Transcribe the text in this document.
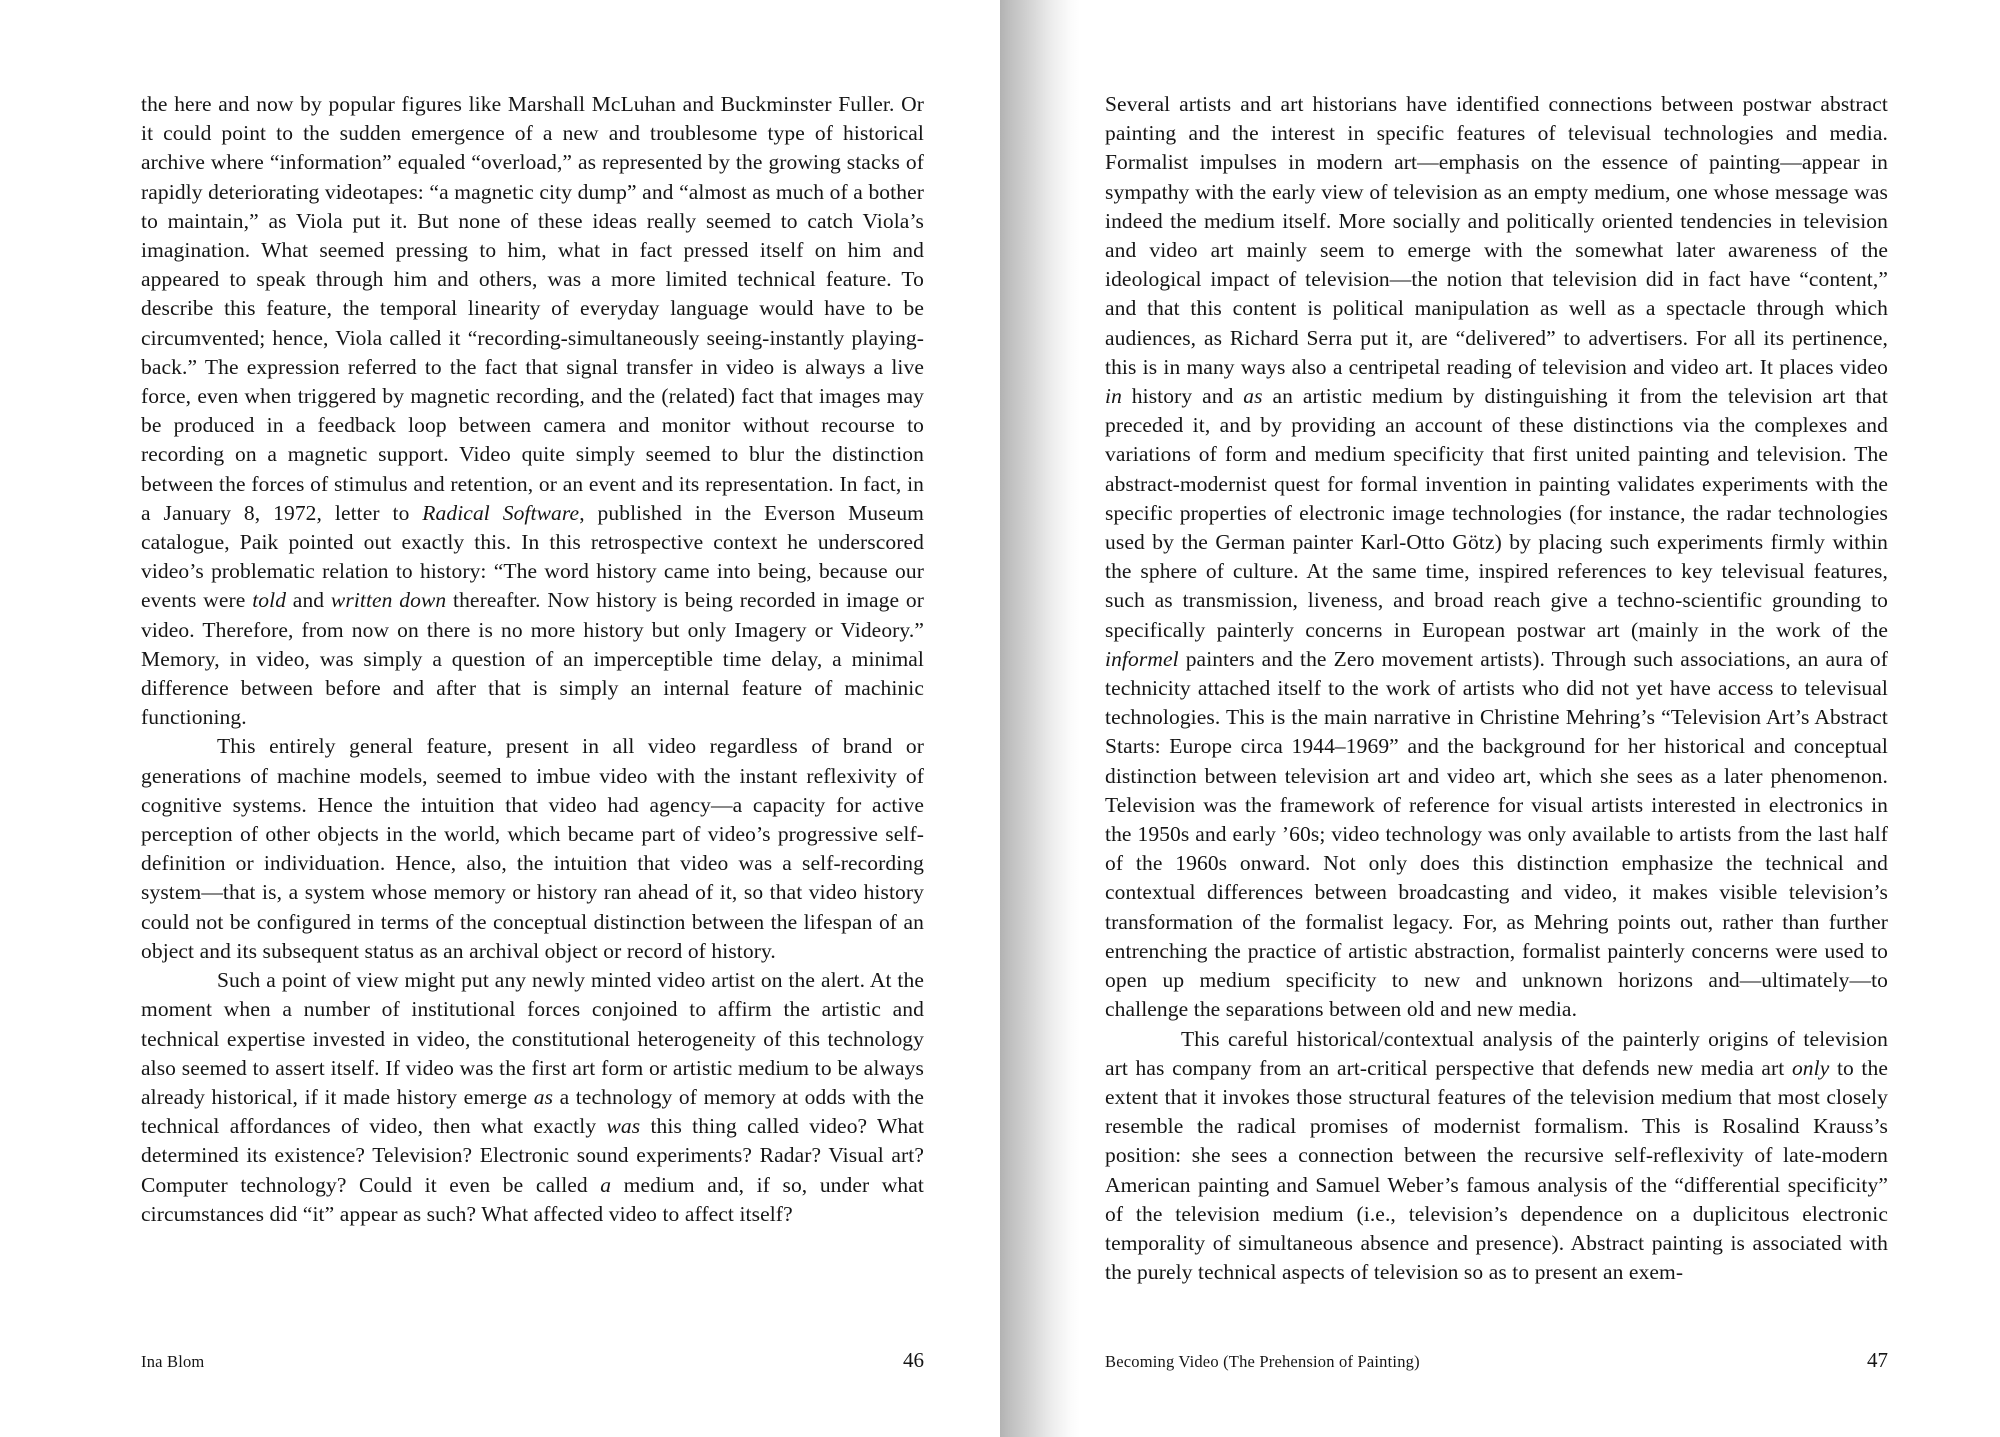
the here and now by popular figures like Marshall McLuhan and Buckminster Fuller. Or it could point to the sudden emergence of a new and troublesome type of historical archive where “information” equaled “overload,” as represented by the growing stacks of rapidly deteriorating videotapes: “a magnetic city dump” and “almost as much of a bother to maintain,” as Viola put it. But none of these ideas really seemed to catch Viola’s imagination. What seemed pressing to him, what in fact pressed itself on him and appeared to speak through him and others, was a more limited technical feature. To describe this feature, the temporal linearity of everyday language would have to be circumvented; hence, Viola called it “recording-simultaneously seeing-instantly playing-back.” The expression referred to the fact that signal transfer in video is always a live force, even when triggered by magnetic recording, and the (related) fact that images may be produced in a feedback loop between camera and monitor without recourse to recording on a magnetic support. Video quite simply seemed to blur the distinction between the forces of stimulus and retention, or an event and its representation. In fact, in a January 8, 1972, letter to Radical Software, published in the Everson Museum catalogue, Paik pointed out exactly this. In this retrospective context he underscored video’s problematic relation to history: “The word history came into being, because our events were told and written down thereafter. Now history is being recorded in image or video. Therefore, from now on there is no more history but only Imagery or Videory.” Memory, in video, was simply a question of an imperceptible time delay, a minimal difference between before and after that is simply an internal feature of machinic functioning.

This entirely general feature, present in all video regardless of brand or generations of machine models, seemed to imbue video with the instant reflexivity of cognitive systems. Hence the intuition that video had agency—a capacity for active perception of other objects in the world, which became part of video’s progressive self-definition or individuation. Hence, also, the intuition that video was a self-recording system—that is, a system whose memory or history ran ahead of it, so that video history could not be configured in terms of the conceptual distinction between the lifespan of an object and its subsequent status as an archival object or record of history.

Such a point of view might put any newly minted video artist on the alert. At the moment when a number of institutional forces conjoined to affirm the artistic and technical expertise invested in video, the constitutional heterogeneity of this technology also seemed to assert itself. If video was the first art form or artistic medium to be always already historical, if it made history emerge as a technology of memory at odds with the technical affordances of video, then what exactly was this thing called video? What determined its existence? Television? Electronic sound experiments? Radar? Visual art? Computer technology? Could it even be called a medium and, if so, under what circumstances did “it” appear as such? What affected video to affect itself?

Several artists and art historians have identified connections between postwar abstract painting and the interest in specific features of televisual technologies and media. Formalist impulses in modern art—emphasis on the essence of painting—appear in sympathy with the early view of television as an empty medium, one whose message was indeed the medium itself. More socially and politically oriented tendencies in television and video art mainly seem to emerge with the somewhat later awareness of the ideological impact of television—the notion that television did in fact have “content,” and that this content is political manipulation as well as a spectacle through which audiences, as Richard Serra put it, are “delivered” to advertisers. For all its pertinence, this is in many ways also a centripetal reading of television and video art. It places video in history and as an artistic medium by distinguishing it from the television art that preceded it, and by providing an account of these distinctions via the complexes and variations of form and medium specificity that first united painting and television. The abstract-modernist quest for formal invention in painting validates experiments with the specific properties of electronic image technologies (for instance, the radar technologies used by the German painter Karl-Otto Götz) by placing such experiments firmly within the sphere of culture. At the same time, inspired references to key televisual features, such as transmission, liveness, and broad reach give a techno-scientific grounding to specifically painterly concerns in European postwar art (mainly in the work of the informel painters and the Zero movement artists). Through such associations, an aura of technicity attached itself to the work of artists who did not yet have access to televisual technologies. This is the main narrative in Christine Mehring’s “Television Art’s Abstract Starts: Europe circa 1944–1969” and the background for her historical and conceptual distinction between television art and video art, which she sees as a later phenomenon. Television was the framework of reference for visual artists interested in electronics in the 1950s and early ’60s; video technology was only available to artists from the last half of the 1960s onward. Not only does this distinction emphasize the technical and contextual differences between broadcasting and video, it makes visible television’s transformation of the formalist legacy. For, as Mehring points out, rather than further entrenching the practice of artistic abstraction, formalist painterly concerns were used to open up medium specificity to new and unknown horizons and—ultimately—to challenge the separations between old and new media.

This careful historical/contextual analysis of the painterly origins of television art has company from an art-critical perspective that defends new media art only to the extent that it invokes those structural features of the television medium that most closely resemble the radical promises of modernist formalism. This is Rosalind Krauss’s position: she sees a connection between the recursive self-reflexivity of late-modern American painting and Samuel Weber’s famous analysis of the “differential specificity” of the television medium (i.e., television’s dependence on a duplicitous electronic temporality of simultaneous absence and presence). Abstract painting is associated with the purely technical aspects of television so as to present an exem-

Ina Blom	46	Becoming Video (The Prehension of Painting)	47
